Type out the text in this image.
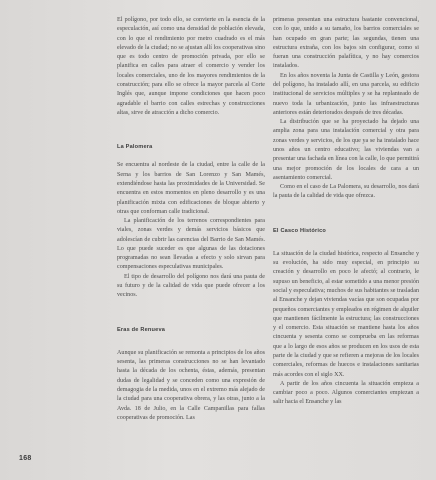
El polígono, por todo ello, se convierte en la esencia de la especulación, así como una densidad de población elevada, con lo que el rendimiento por metro cuadrado es el más elevado de la ciudad; no se ajustan allí los cooperativas sino que es todo centro de promoción privada, por ello se planifica en calles para atraer el comercio y vender los locales comerciales, uno de los mayores rendimientos de la construcción; para ello se ofrece la mayor parcela al Corte Inglés que, aunque impone condiciones que hacen poco agradable el barrio con calles estrechas y construcciones altas, sirve de atracción a dicho comercio.

La Palomera

Se encuentra al nordeste de la ciudad, entre la calle de la Serna y los barrios de San Lorenzo y San Mamés, extendiéndose hasta las proximidades de la Universidad. Se encuentra en estos momentos en pleno desarrollo y es una planificación mixta con edificaciones de bloque abierto y otras que conforman calle tradicional.

La planificación de los terrenos correspondientes para viales, zonas verdes y demás servicios básicos que adolescían de cubrir las carencias del Barrio de San Mamés. Lo que puede suceder es que algunas de las dotaciones programadas no sean llevadas a efecto y solo sirvan para compensaciones especulativas municipales.

El tipo de desarrollo del polígono nos dará una pauta de su futuro y de la calidad de vida que puede ofrecer a los vecinos.

Eras de Renueva

Aunque su planificación se remonta a principios de los años sesenta, las primeras construcciones no se han levantado hasta la década de los ochenta, éstas, además, presentan dudas de legalidad y se conceden como una expresión de demagogia de la medida, unos en el extremo más alejado de la ciudad para una cooperativa obrera, y las otras, junto a la Avda. 18 de Julio, en la Calle Campanillas para fallas cooperativas de promoción. Las

primeras presentan una estructura bastante convencional, con lo que, unido a su tamaño, los barrios comerciales se han ocupado en gran parte; las segundas, tienen una estructura extraña, con los bajos sin configurar, como si fueran una construcción palafítica, y no hay comercios instalados.

En los años noventa la Junta de Castilla y León, gestora del polígono, ha instalado allí, en una parcela, su edificio institucional de servicios múltiples y se ha replanteado de nuevo toda la urbanización, junto las infraestructuras anteriores están deteriorados después de tres décadas.

La distribución que se ha proyectado ha dejado una amplia zona para una instalación comercial y otra para zonas verdes y servicios, de los que ya se ha instalado hace unos años un centro educativo; las viviendas van a presentar una fachada en línea con la calle, lo que permitirá una mejor promoción de los locales de cara a un asentamiento comercial.

Como en el caso de La Palomera, su desarrollo, nos dará la pauta de la calidad de vida que ofrezca.

El Casco Histórico

La situación de la ciudad histórica, respecto al Ensanche y su evolución, ha sido muy especial, en principio su creación y desarrollo en poco le afectó; al contrario, le supuso un beneficio, al estar sometido a una menor presión social y especulativa; muchos de sus habitantes se trasladan al Ensanche y dejan viviendas vacías que son ocupadas por pequeños comerciantes y empleados en régimen de alquiler que mantienen fácilmente la estructura; las construcciones y el comercio. Esta situación se mantiene hasta los años cincuenta y sesenta como se comprueba en las reformas que a lo largo de esos años se producen en los usos de esta parte de la ciudad y que se refieren a mejoras de los locales comerciales, reformas de huecos e instalaciones sanitarias más acordes con el siglo XX.

A partir de los años cincuenta la situación empieza a cambiar poco a poco. Algunos comerciantes empiezan a salir hacia el Ensanche y las

168
